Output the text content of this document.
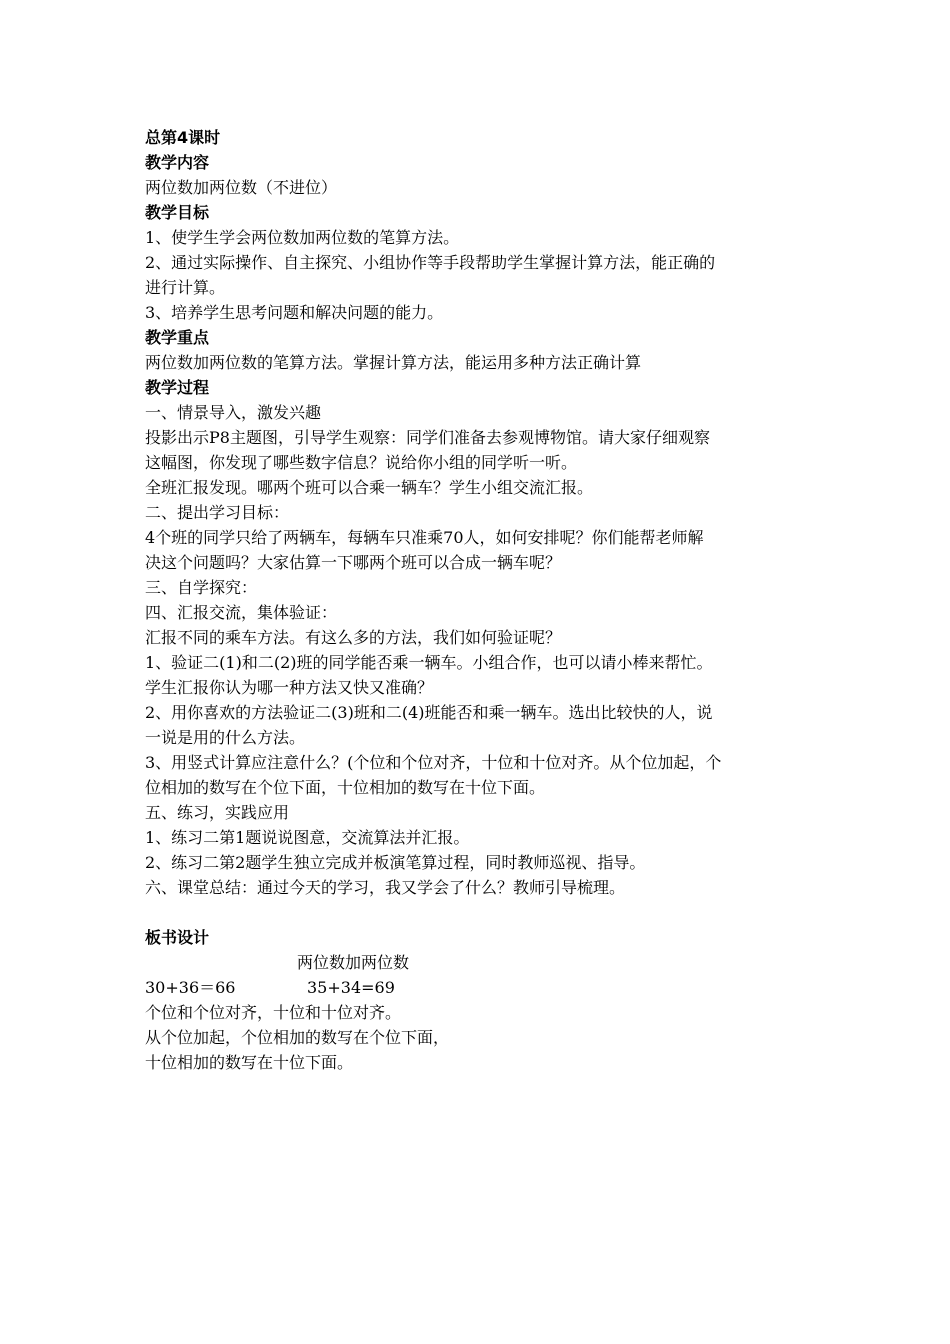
总第4课时
教学内容
两位数加两位数（不进位）
教学目标
1、使学生学会两位数加两位数的笔算方法。
2、通过实际操作、自主探究、小组协作等手段帮助学生掌握计算方法，能正确的
进行计算。
3、培养学生思考问题和解决问题的能力。
教学重点
两位数加两位数的笔算方法。掌握计算方法，能运用多种方法正确计算
教学过程
一、情景导入，激发兴趣
投影出示P8主题图，引导学生观察：同学们准备去参观博物馆。请大家仔细观察
这幅图，你发现了哪些数字信息？说给你小组的同学听一听。
全班汇报发现。哪两个班可以合乘一辆车？学生小组交流汇报。
二、提出学习目标：
4个班的同学只给了两辆车，每辆车只准乘70人，如何安排呢？你们能帮老师解
决这个问题吗？大家估算一下哪两个班可以合成一辆车呢？
三、自学探究：
四、汇报交流，集体验证：
汇报不同的乘车方法。有这么多的方法，我们如何验证呢？
1、验证二(1)和二(2)班的同学能否乘一辆车。小组合作，也可以请小棒来帮忙。
学生汇报你认为哪一种方法又快又准确？
2、用你喜欢的方法验证二(3)班和二(4)班能否和乘一辆车。选出比较快的人，说
一说是用的什么方法。
3、用竖式计算应注意什么？(个位和个位对齐，十位和十位对齐。从个位加起，个
位相加的数写在个位下面，十位相加的数写在十位下面。
五、练习，实践应用
1、练习二第1题说说图意，交流算法并汇报。
2、练习二第2题学生独立完成并板演笔算过程，同时教师巡视、指导。
六、课堂总结：通过今天的学习，我又学会了什么？教师引导梳理。
板书设计
两位数加两位数
30+36＝66	35+34=69
个位和个位对齐，十位和十位对齐。
从个位加起，个位相加的数写在个位下面，
十位相加的数写在十位下面。
